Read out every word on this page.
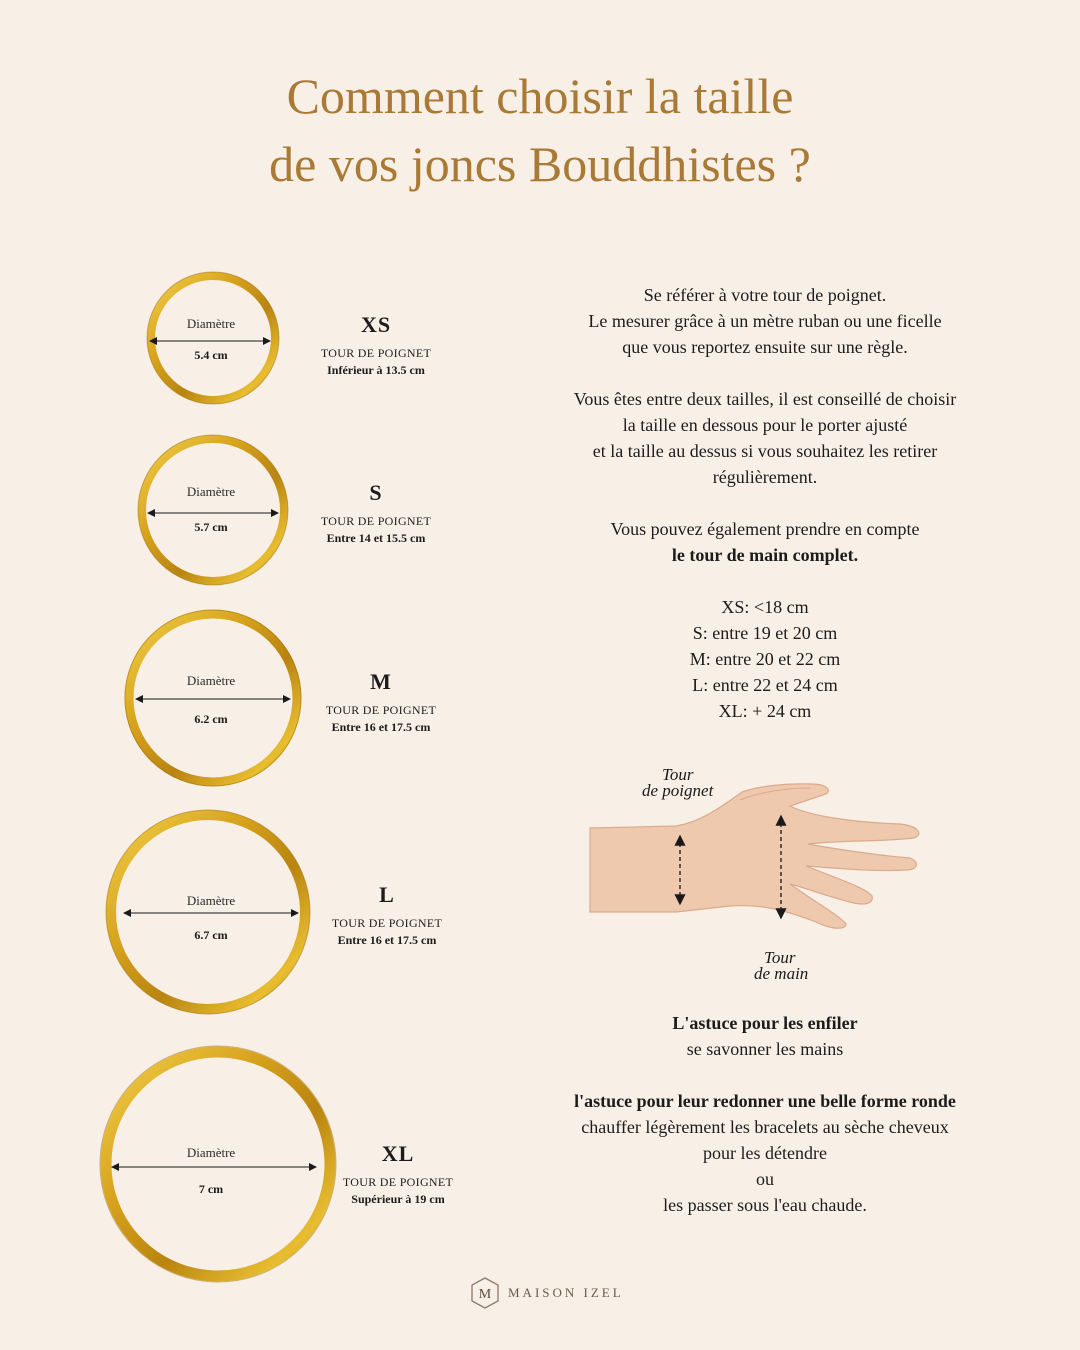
Comment choisir la taille
de vos joncs Bouddhistes ?
Diamètre
5.4 cm
Diamètre
5.7 cm
Diamètre
6.2 cm
Diamètre
6.7 cm
Diamètre
7 cm
XS
TOUR DE POIGNET
Inférieur à 13.5 cm
S
TOUR DE POIGNET
Entre 14 et 15.5 cm
M
TOUR DE POIGNET
Entre 16 et 17.5 cm
L
TOUR DE POIGNET
Entre 16 et 17.5 cm
XL
TOUR DE POIGNET
Supérieur à 19 cm
Se référer à votre tour de poignet.
Le mesurer grâce à un mètre ruban ou une ficelle
que vous reportez ensuite sur une règle.
Vous êtes entre deux tailles, il est conseillé de choisir
la taille en dessous pour le porter ajusté
et la taille au dessus si vous souhaitez les retirer
régulièrement.
Vous pouvez également prendre en compte
le tour de main complet.
XS: <18 cm
S: entre 19 et 20 cm
M: entre 20 et 22 cm
L: entre 22 et 24 cm
XL: + 24 cm
Tour
de poignet
Tour
de main
L'astuce pour les enfiler
se savonner les mains
l'astuce pour leur redonner une belle forme ronde
chauffer légèrement les bracelets au sèche cheveux
pour les détendre
ou
les passer sous l'eau chaude.
M MAISON IZEL
